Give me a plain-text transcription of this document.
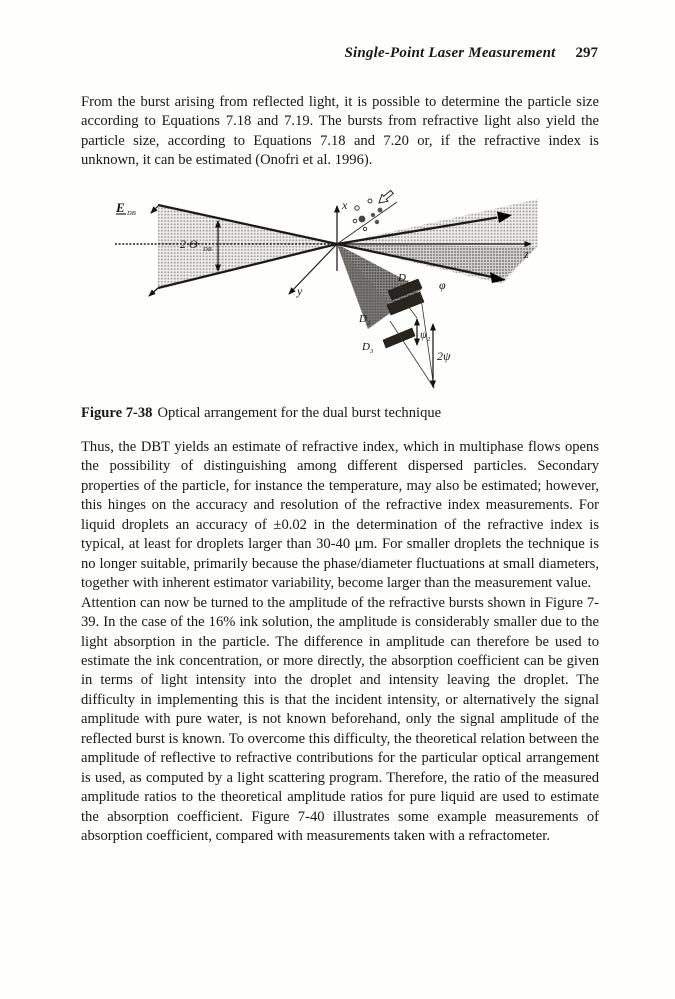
Single-Point Laser Measurement 297

From the burst arising from reflected light, it is possible to determine the particle size according to Equations 7.18 and 7.19. The bursts from refractive light also yield the particle size, according to Equations 7.18 and 7.20 or, if the refractive index is unknown, it can be estimated (Onofri et al. 1996).

E DB
2·Θ DB
x
y
z
D 1
D 2
D 3
φ
ψ 2
2ψ
Figure 7-38 Optical arrangement for the dual burst technique

Thus, the DBT yields an estimate of refractive index, which in multiphase flows opens the possibility of distinguishing among different dispersed particles. Secondary properties of the particle, for instance the temperature, may also be estimated; however, this hinges on the accuracy and resolution of the refractive index measurements. For liquid droplets an accuracy of ±0.02 in the determination of the refractive index is typical, at least for droplets larger than 30-40 μm. For smaller droplets the technique is no longer suitable, primarily because the phase/diameter fluctuations at small diameters, together with inherent estimator variability, become larger than the measurement value.

Attention can now be turned to the amplitude of the refractive bursts shown in Figure 7-39. In the case of the 16% ink solution, the amplitude is considerably smaller due to the light absorption in the particle. The difference in amplitude can therefore be used to estimate the ink concentration, or more directly, the absorption coefficient can be given in terms of light intensity into the droplet and intensity leaving the droplet. The difficulty in implementing this is that the incident intensity, or alternatively the signal amplitude with pure water, is not known beforehand, only the signal amplitude of the reflected burst is known. To overcome this difficulty, the theoretical relation between the amplitude of reflective to refractive contributions for the particular optical arrangement is used, as computed by a light scattering program. Therefore, the ratio of the measured amplitude ratios to the theoretical amplitude ratios for pure liquid are used to estimate the absorption coefficient. Figure 7-40 illustrates some example measurements of absorption coefficient, compared with measurements taken with a refractometer.
